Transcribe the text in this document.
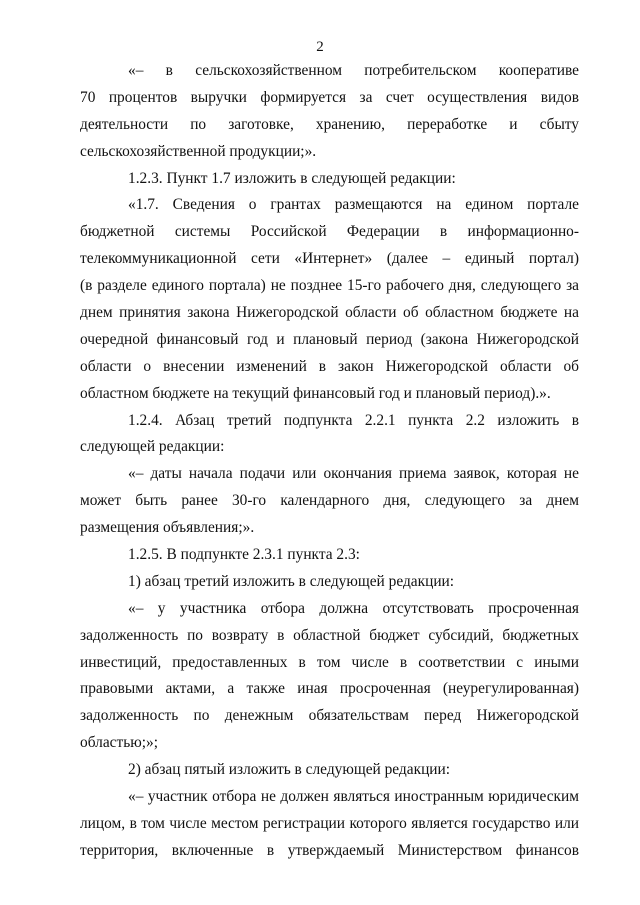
2
«– в сельскохозяйственном потребительском кооперативе
70 процентов выручки формируется за счет осуществления видов
деятельности по заготовке, хранению, переработке и сбыту
сельскохозяйственной продукции;».
1.2.3. Пункт 1.7 изложить в следующей редакции:
«1.7. Сведения о грантах размещаются на едином портале
бюджетной системы Российской Федерации в информационно-
телекоммуникационной сети «Интернет» (далее – единый портал)
(в разделе единого портала) не позднее 15-го рабочего дня, следующего за
днем принятия закона Нижегородской области об областном бюджете на
очередной финансовый год и плановый период (закона Нижегородской
области о внесении изменений в закон Нижегородской области об
областном бюджете на текущий финансовый год и плановый период).».
1.2.4. Абзац третий подпункта 2.2.1 пункта 2.2 изложить в
следующей редакции:
«– даты начала подачи или окончания приема заявок, которая не
может быть ранее 30-го календарного дня, следующего за днем
размещения объявления;».
1.2.5. В подпункте 2.3.1 пункта 2.3:
1) абзац третий изложить в следующей редакции:
«– у участника отбора должна отсутствовать просроченная
задолженность по возврату в областной бюджет субсидий, бюджетных
инвестиций, предоставленных в том числе в соответствии с иными
правовыми актами, а также иная просроченная (неурегулированная)
задолженность по денежным обязательствам перед Нижегородской
областью;»;
2) абзац пятый изложить в следующей редакции:
«– участник отбора не должен являться иностранным юридическим
лицом, в том числе местом регистрации которого является государство или
территория, включенные в утверждаемый Министерством финансов
